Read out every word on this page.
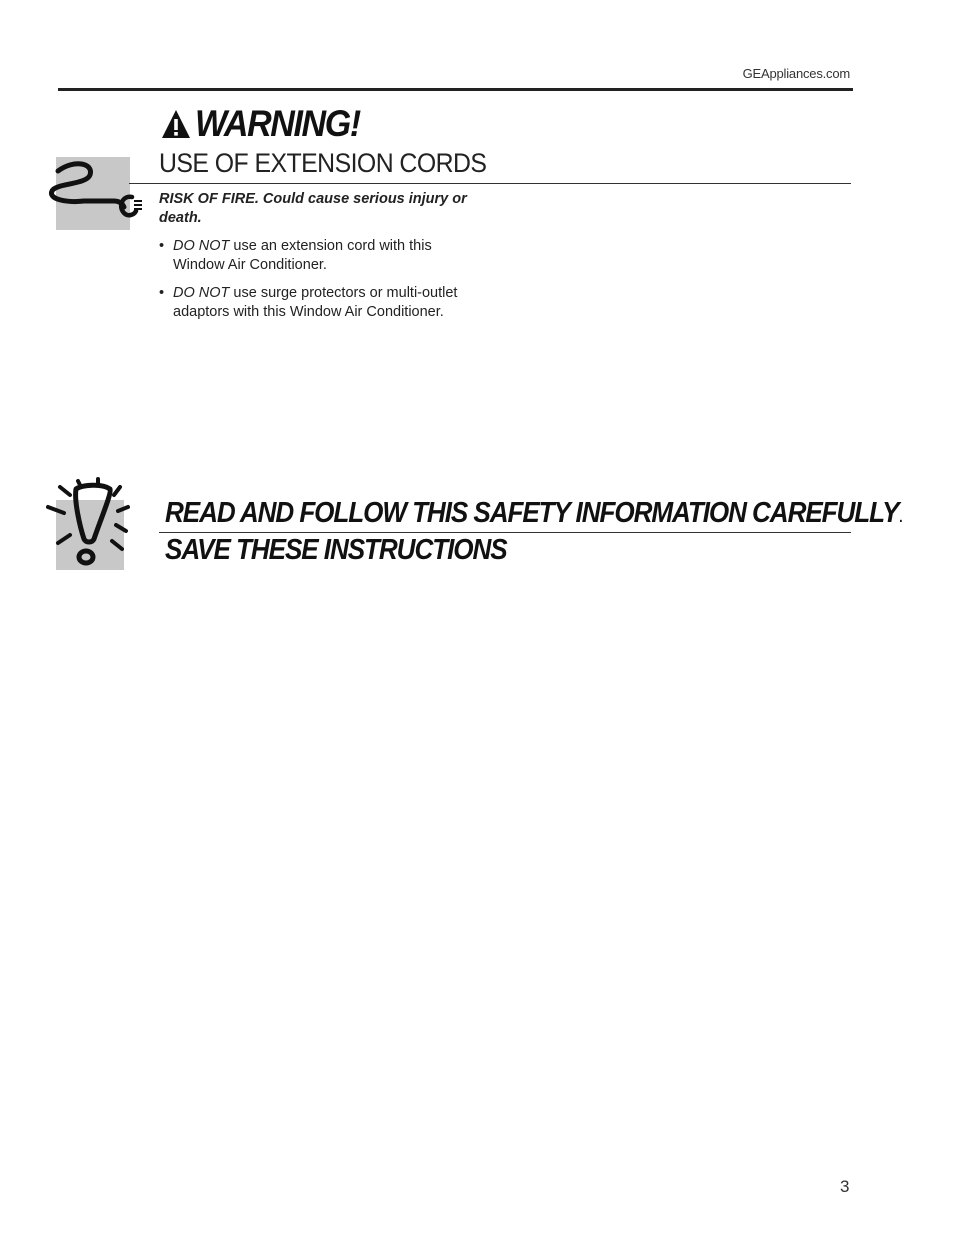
GEAppliances.com
WARNING!
USE OF EXTENSION CORDS
RISK OF FIRE. Could cause serious injury or death.
• DO NOT use an extension cord with this
Window Air Conditioner.
• DO NOT use surge protectors or multi-outlet
adaptors with this Window Air Conditioner.
READ AND FOLLOW THIS SAFETY INFORMATION CAREFULLY.
SAVE THESE INSTRUCTIONS
3
